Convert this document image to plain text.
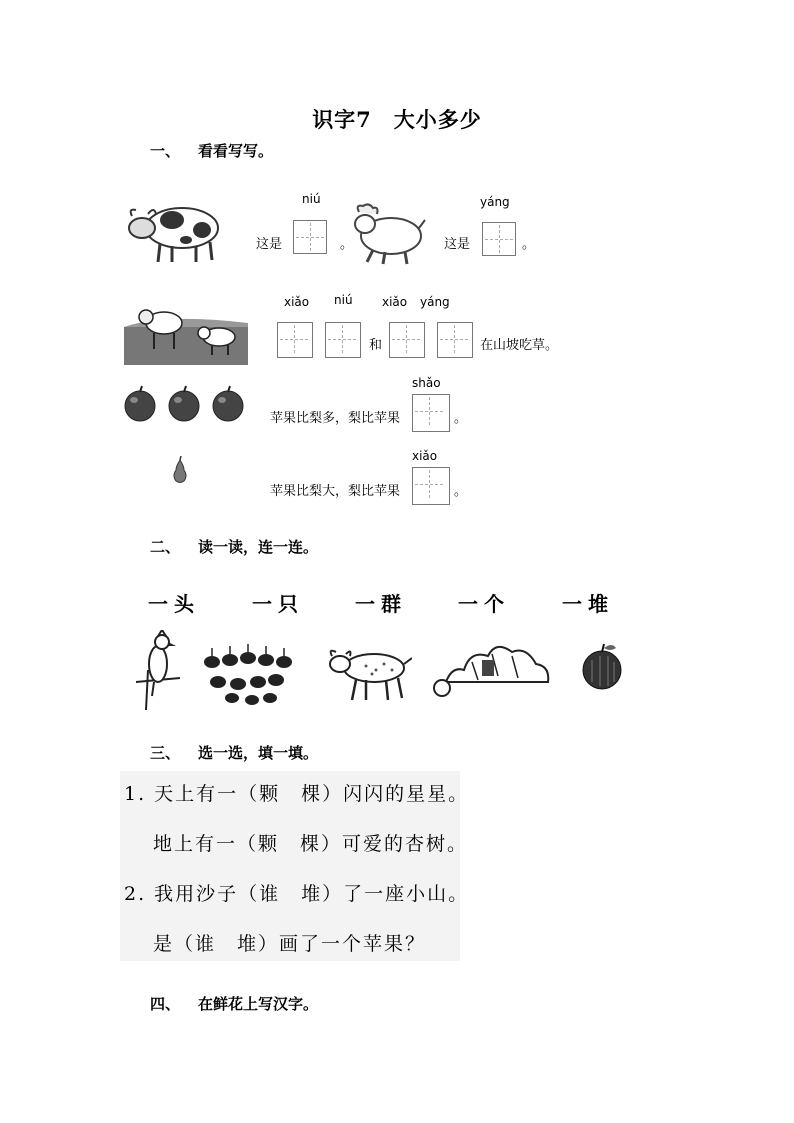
识字7　大小多少
一、 看看写写。
这是
niú
。	这是
yáng
。
xiǎo niú xiǎo yáng
和	在山坡吃草。
shǎo
苹果比梨多，梨比苹果	。
xiǎo
苹果比梨大，梨比苹果	。
二、 读一读，连一连。
一头	一只	一群	一个	一堆
三、 选一选，填一填。
1. 天上有一（颗　棵）闪闪的星星。
地上有一（颗　棵）可爱的杏树。
2. 我用沙子（谁　堆）了一座小山。
是（谁　堆）画了一个苹果？
四、 在鲜花上写汉字。
